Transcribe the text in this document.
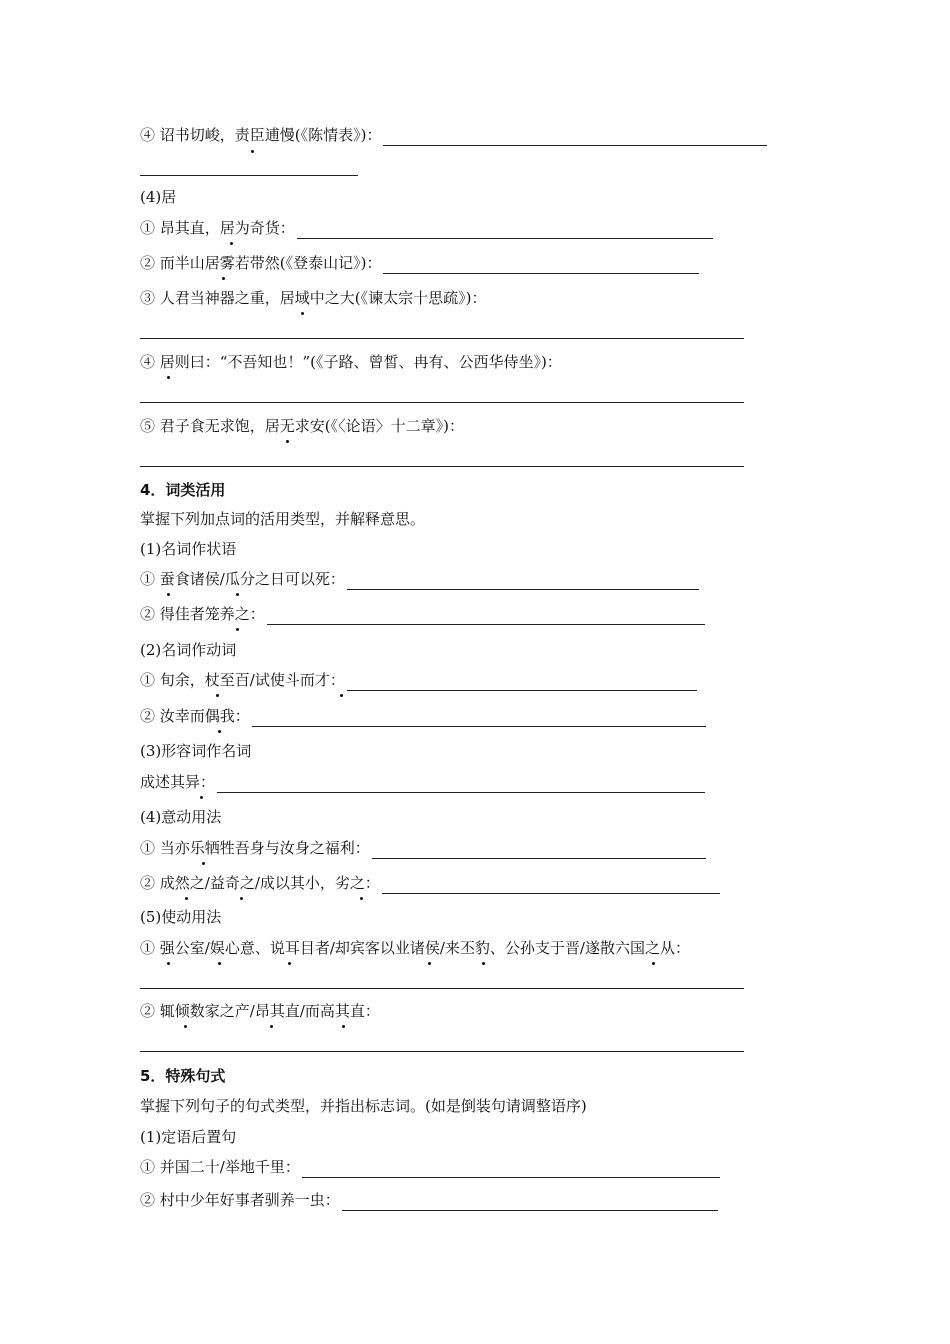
④ 诏书切峻，责臣逋慢(《陈情表》)：
(4)居
① 昂其直，居为奇货：
② 而半山居雾若带然(《登泰山记》)：
③ 人君当神器之重，居域中之大(《谏太宗十思疏》)：
④ 居则曰：“不吾知也！”(《子路、曾皙、冉有、公西华侍坐》)：
⑤ 君子食无求饱，居无求安(《〈论语〉十二章》)：
4．词类活用
掌握下列加点词的活用类型，并解释意思。
(1)名词作状语
① 蚕食诸侯/瓜分之日可以死：
② 得佳者笼养之：
(2)名词作动词
① 旬余，杖至百/试使斗而才：
② 汝幸而偶我：
(3)形容词作名词
成述其异：
(4)意动用法
① 当亦乐牺牲吾身与汝身之福利：
② 成然之/益奇之/成以其小，劣之：
(5)使动用法
① 强公室/娱心意、说耳目者/却宾客以业诸侯/来丕豹、公孙支于晋/遂散六国之从：
② 辄倾数家之产/昂其直/而高其直：
5．特殊句式
掌握下列句子的句式类型，并指出标志词。(如是倒装句请调整语序)
(1)定语后置句
① 并国二十/举地千里：
② 村中少年好事者驯养一虫：
